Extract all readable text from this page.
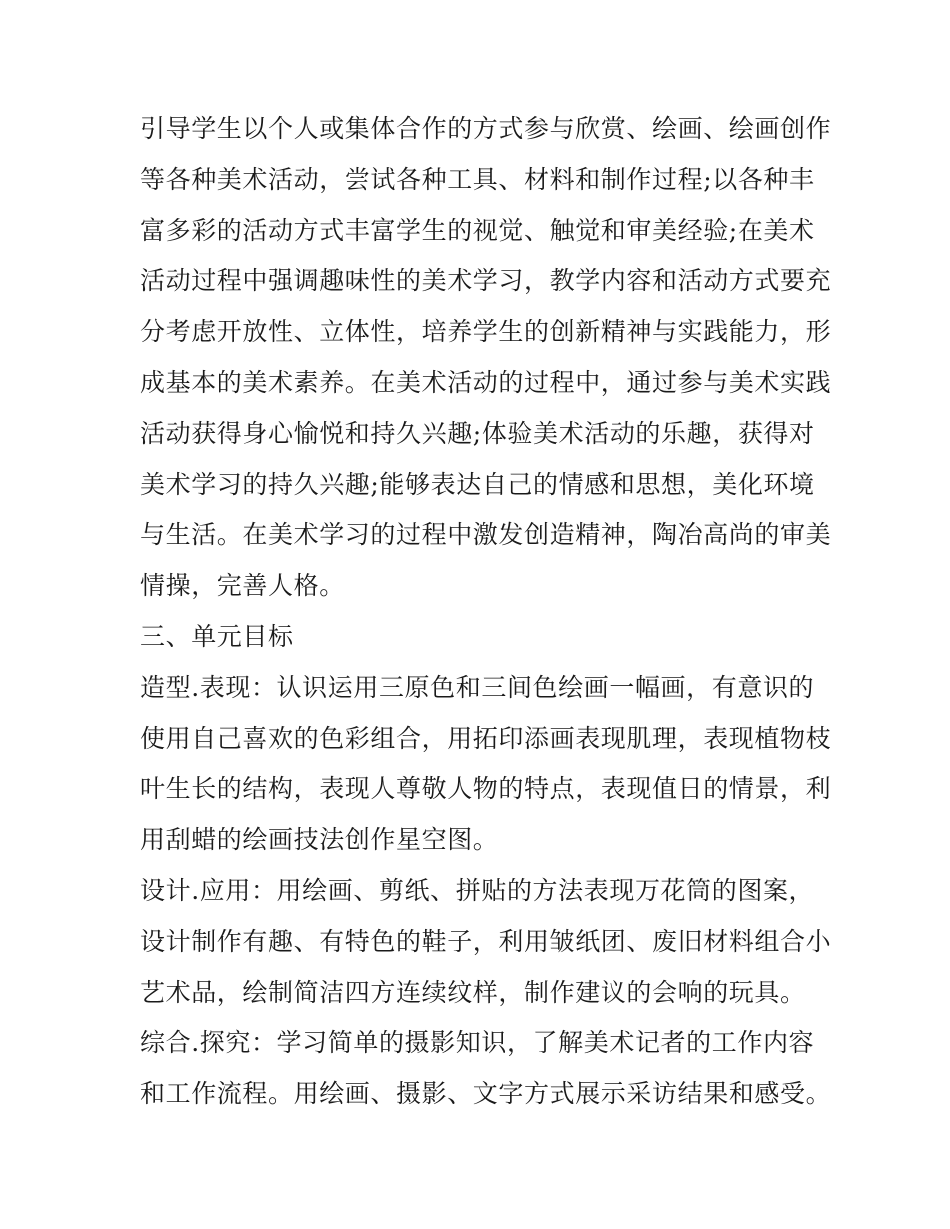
引导学生以个人或集体合作的方式参与欣赏、绘画、绘画创作
等各种美术活动，尝试各种工具、材料和制作过程;以各种丰
富多彩的活动方式丰富学生的视觉、触觉和审美经验;在美术
活动过程中强调趣味性的美术学习，教学内容和活动方式要充
分考虑开放性、立体性，培养学生的创新精神与实践能力，形
成基本的美术素养。在美术活动的过程中，通过参与美术实践
活动获得身心愉悦和持久兴趣;体验美术活动的乐趣，获得对
美术学习的持久兴趣;能够表达自己的情感和思想，美化环境
与生活。在美术学习的过程中激发创造精神，陶冶高尚的审美
情操，完善人格。
三、单元目标
造型.表现：认识运用三原色和三间色绘画一幅画，有意识的
使用自己喜欢的色彩组合，用拓印添画表现肌理，表现植物枝
叶生长的结构，表现人尊敬人物的特点，表现值日的情景，利
用刮蜡的绘画技法创作星空图。
设计.应用：用绘画、剪纸、拼贴的方法表现万花筒的图案，
设计制作有趣、有特色的鞋子，利用皱纸团、废旧材料组合小
艺术品，绘制简洁四方连续纹样，制作建议的会响的玩具。
综合.探究：学习简单的摄影知识，了解美术记者的工作内容
和工作流程。用绘画、摄影、文字方式展示采访结果和感受。
